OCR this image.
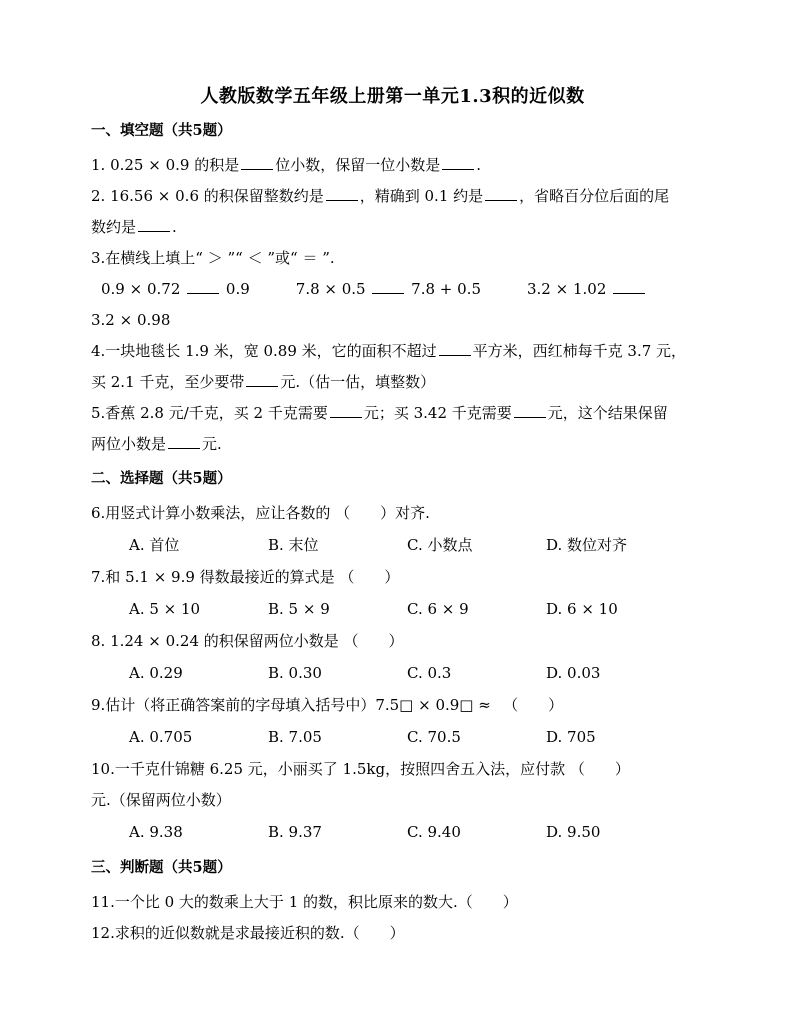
人教版数学五年级上册第一单元1.3积的近似数
一、填空题（共5题）

1. 0.25 × 0.9 的积是 位小数，保留一位小数是 .

2. 16.56 × 0.6 的积保留整数约是 ，精确到 0.1 约是 ，省略百分位后面的尾

数约是 .

3.在横线上填上“ ＞ ”“ ＜ ”或“ ＝ ”.

0.9 × 0.72	0.9	7.8 × 0.5	7.8 + 0.5	3.2 × 1.02

3.2 × 0.98

4.一块地毯长 1.9 米，宽 0.89 米，它的面积不超过 平方米，西红柿每千克 3.7 元，

买 2.1 千克，至少要带 元.（估一估，填整数）

5.香蕉 2.8 元/千克，买 2 千克需要 元；买 3.42 千克需要 元，这个结果保留

两位小数是 元.

二、选择题（共5题）

6.用竖式计算小数乘法，应让各数的 （　　）对齐.

A. 首位	B. 末位	C. 小数点	D. 数位对齐

7.和 5.1 × 9.9 得数最接近的算式是 （　　）

A. 5 × 10	B. 5 × 9	C. 6 × 9	D. 6 × 10

8. 1.24 × 0.24 的积保留两位小数是 （　　）

A. 0.29	B. 0.30	C. 0.3	D. 0.03

9.估计（将正确答案前的字母填入括号中）7.5□ × 0.9□ ≈ 　（　　）

A. 0.705	B. 7.05	C. 70.5	D. 705

10.一千克什锦糖 6.25 元，小丽买了 1.5kg，按照四舍五入法，应付款 （　　）

元.（保留两位小数）

A. 9.38	B. 9.37	C. 9.40	D. 9.50
三、判断题（共5题）

11.一个比 0 大的数乘上大于 1 的数，积比原来的数大.（　　）

12.求积的近似数就是求最接近积的数.（　　）
